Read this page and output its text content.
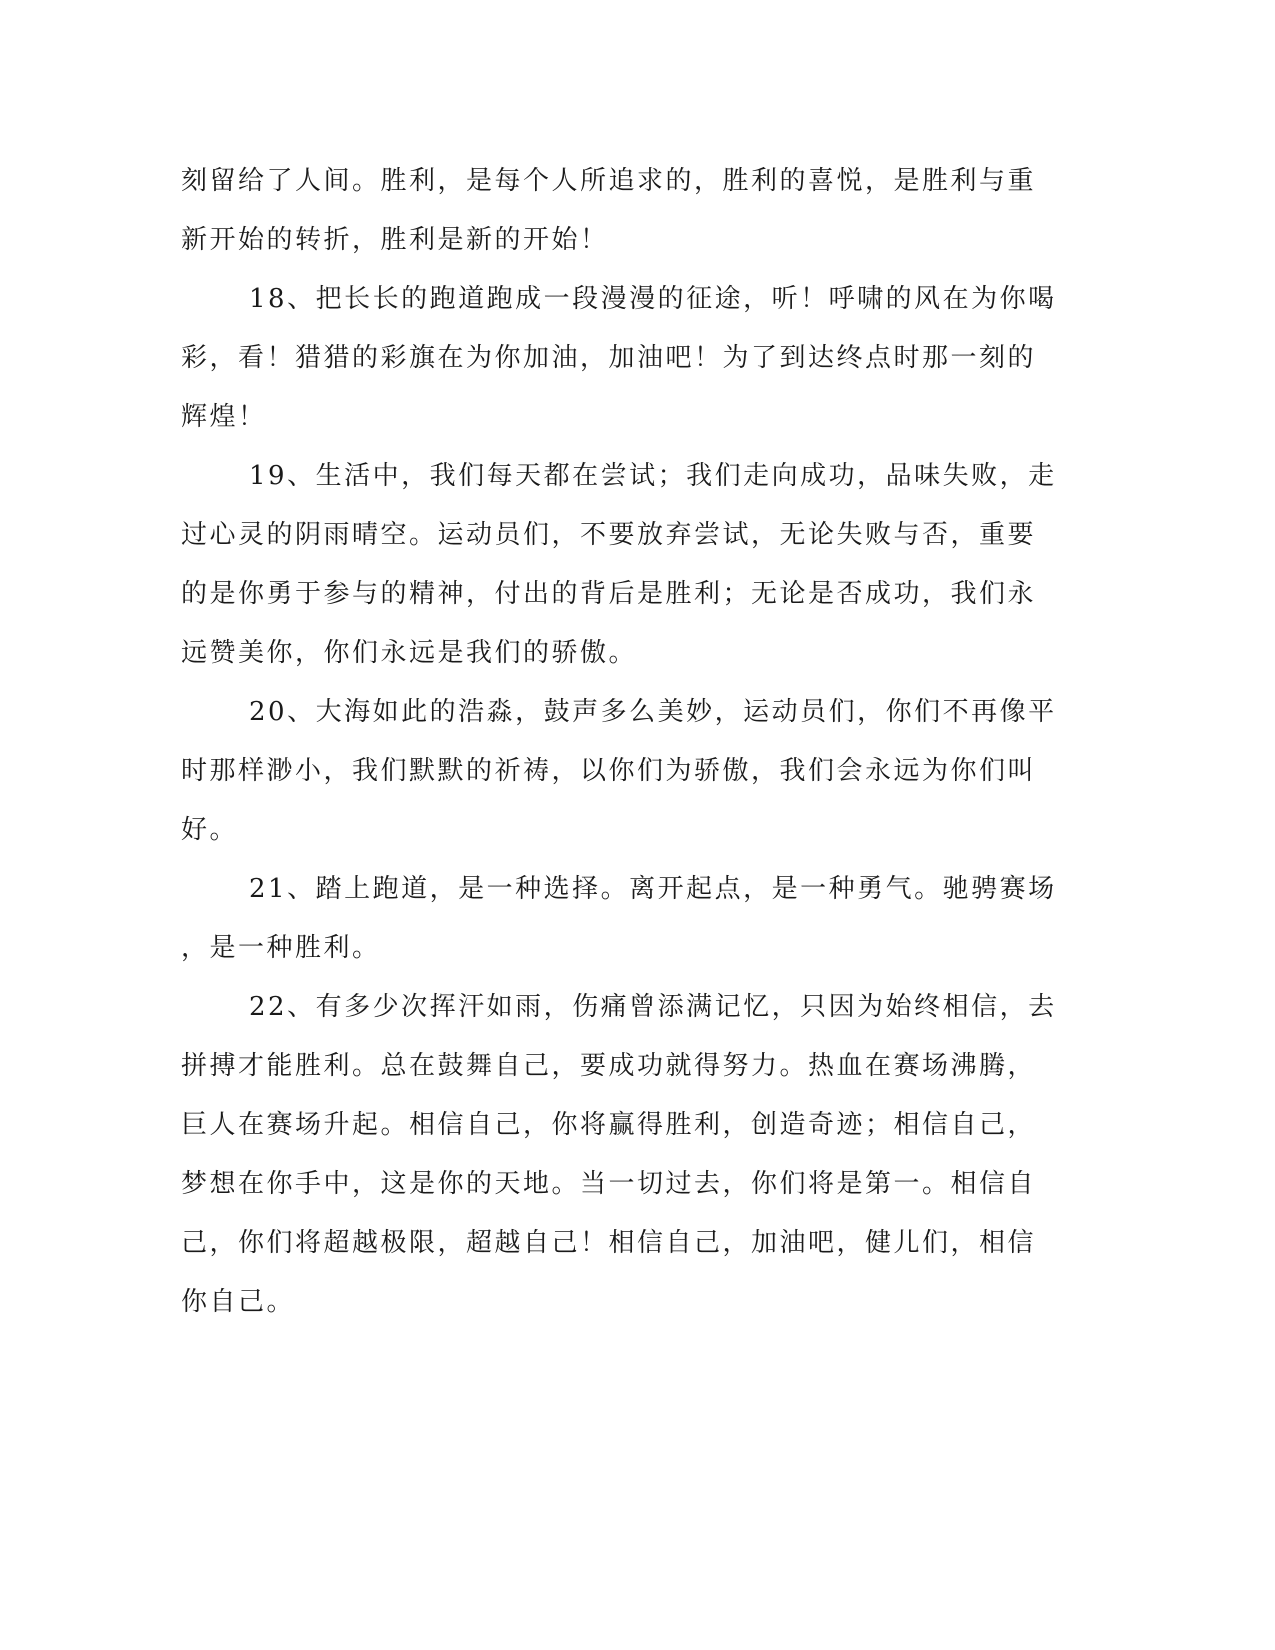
刻留给了人间。胜利，是每个人所追求的，胜利的喜悦，是胜利与重
新开始的转折，胜利是新的开始！
18、把长长的跑道跑成一段漫漫的征途，听！呼啸的风在为你喝
彩，看！猎猎的彩旗在为你加油，加油吧！为了到达终点时那一刻的
辉煌！
19、生活中，我们每天都在尝试；我们走向成功，品味失败，走
过心灵的阴雨晴空。运动员们，不要放弃尝试，无论失败与否，重要
的是你勇于参与的精神，付出的背后是胜利；无论是否成功，我们永
远赞美你，你们永远是我们的骄傲。
20、大海如此的浩淼，鼓声多么美妙，运动员们，你们不再像平
时那样渺小，我们默默的祈祷，以你们为骄傲，我们会永远为你们叫
好。
21、踏上跑道，是一种选择。离开起点，是一种勇气。驰骋赛场
，是一种胜利。
22、有多少次挥汗如雨，伤痛曾添满记忆，只因为始终相信，去
拼搏才能胜利。总在鼓舞自己，要成功就得努力。热血在赛场沸腾，
巨人在赛场升起。相信自己，你将赢得胜利，创造奇迹；相信自己，
梦想在你手中，这是你的天地。当一切过去，你们将是第一。相信自
己，你们将超越极限，超越自己！相信自己，加油吧，健儿们，相信
你自己。
